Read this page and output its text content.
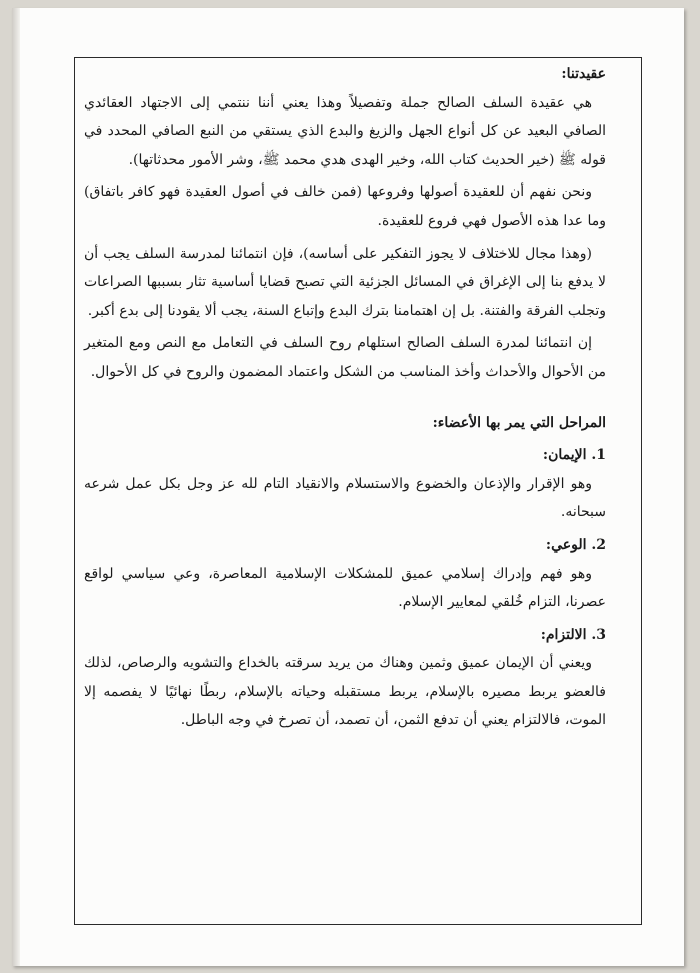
عقيدتنا:

هي عقيدة السلف الصالح جملة وتفصيلاً وهذا يعني أننا ننتمي إلى الاجتهاد العقائدي الصافي البعيد عن كل أنواع الجهل والزيغ والبدع الذي يستقي من النبع الصافي المحدد في قوله ﷺ (خير الحديث كتاب الله، وخير الهدى هدي محمد ﷺ، وشر الأمور محدثاتها).

ونحن نفهم أن للعقيدة أصولها وفروعها (فمن خالف في أصول العقيدة فهو كافر باتفاق) وما عدا هذه الأصول فهي فروع للعقيدة.

(وهذا مجال للاختلاف لا يجوز التفكير على أساسه)، فإن انتمائنا لمدرسة السلف يجب أن لا يدفع بنا إلى الإغراق في المسائل الجزئية التي تصبح قضايا أساسية تثار بسببها الصراعات وتجلب الفرقة والفتنة. بل إن اهتمامنا بترك البدع وإتباع السنة، يجب ألا يقودنا إلى بدع أكبر.

إن انتمائنا لمدرة السلف الصالح استلهام روح السلف في التعامل مع النص ومع المتغير من الأحوال والأحداث وأخذ المناسب من الشكل واعتماد المضمون والروح في كل الأحوال.

المراحل التي يمر بها الأعضاء:

1. الإيمان:

وهو الإقرار والإذعان والخضوع والاستسلام والانقياد التام لله عز وجل بكل عمل شرعه سبحانه.

2. الوعي:

وهو فهم وإدراك إسلامي عميق للمشكلات الإسلامية المعاصرة، وعي سياسي لواقع عصرنا، التزام خُلقي لمعايير الإسلام.

3. الالتزام:

ويعني أن الإيمان عميق وثمين وهناك من يريد سرقته بالخداع والتشويه والرصاص، لذلك فالعضو يربط مصيره بالإسلام، يربط مستقبله وحياته بالإسلام، ربطًا نهائيًا لا يفصمه إلا الموت، فالالتزام يعني أن تدفع الثمن، أن تصمد، أن تصرخ في وجه الباطل.
